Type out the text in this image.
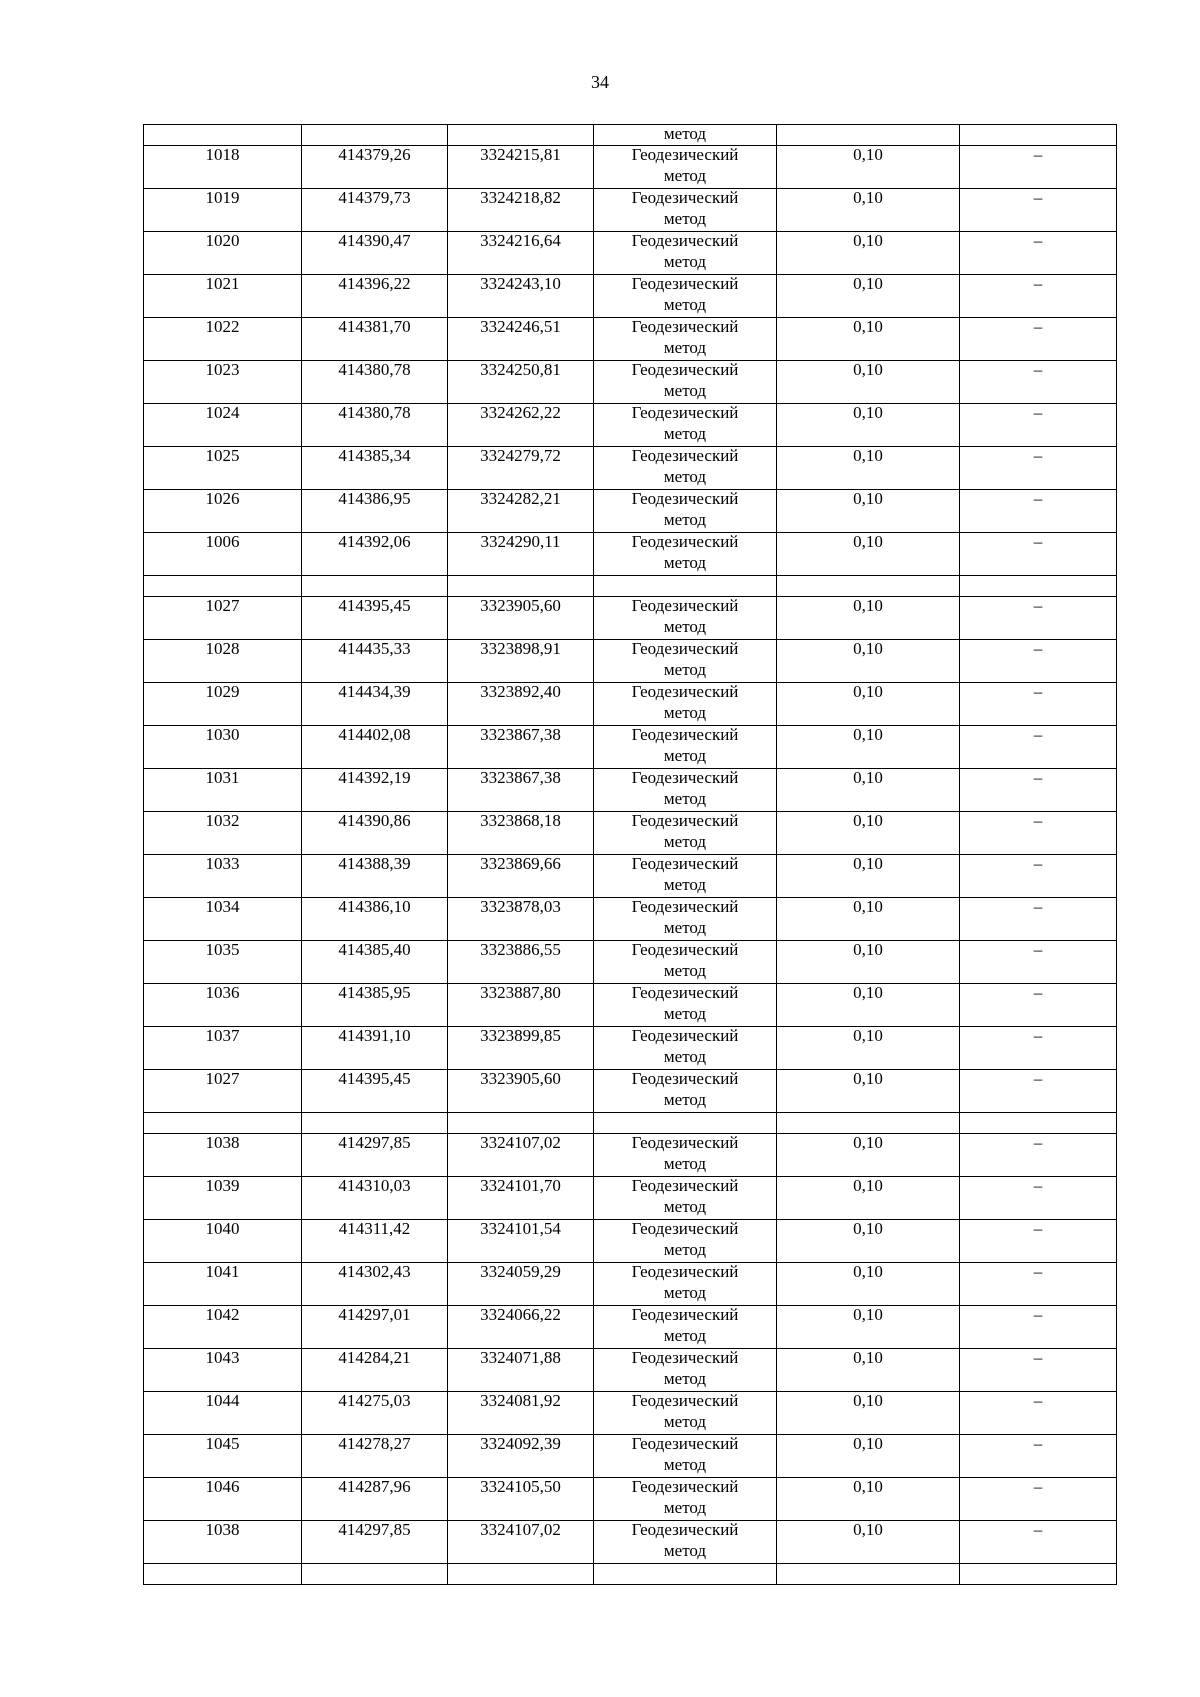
34

			метод		

1018	414379,26	3324215,81	Геодезический
метод	0,10	–

1019	414379,73	3324218,82	Геодезический
метод	0,10	–

1020	414390,47	3324216,64	Геодезический
метод	0,10	–

1021	414396,22	3324243,10	Геодезический
метод	0,10	–

1022	414381,70	3324246,51	Геодезический
метод	0,10	–

1023	414380,78	3324250,81	Геодезический
метод	0,10	–

1024	414380,78	3324262,22	Геодезический
метод	0,10	–

1025	414385,34	3324279,72	Геодезический
метод	0,10	–

1026	414386,95	3324282,21	Геодезический
метод	0,10	–

1006	414392,06	3324290,11	Геодезический
метод	0,10	–

1027	414395,45	3323905,60	Геодезический
метод	0,10	–

1028	414435,33	3323898,91	Геодезический
метод	0,10	–

1029	414434,39	3323892,40	Геодезический
метод	0,10	–

1030	414402,08	3323867,38	Геодезический
метод	0,10	–

1031	414392,19	3323867,38	Геодезический
метод	0,10	–

1032	414390,86	3323868,18	Геодезический
метод	0,10	–

1033	414388,39	3323869,66	Геодезический
метод	0,10	–

1034	414386,10	3323878,03	Геодезический
метод	0,10	–

1035	414385,40	3323886,55	Геодезический
метод	0,10	–

1036	414385,95	3323887,80	Геодезический
метод	0,10	–

1037	414391,10	3323899,85	Геодезический
метод	0,10	–

1027	414395,45	3323905,60	Геодезический
метод	0,10	–

1038	414297,85	3324107,02	Геодезический
метод	0,10	–

1039	414310,03	3324101,70	Геодезический
метод	0,10	–

1040	414311,42	3324101,54	Геодезический
метод	0,10	–

1041	414302,43	3324059,29	Геодезический
метод	0,10	–

1042	414297,01	3324066,22	Геодезический
метод	0,10	–

1043	414284,21	3324071,88	Геодезический
метод	0,10	–

1044	414275,03	3324081,92	Геодезический
метод	0,10	–

1045	414278,27	3324092,39	Геодезический
метод	0,10	–

1046	414287,96	3324105,50	Геодезический
метод	0,10	–

1038	414297,85	3324107,02	Геодезический
метод	0,10	–
